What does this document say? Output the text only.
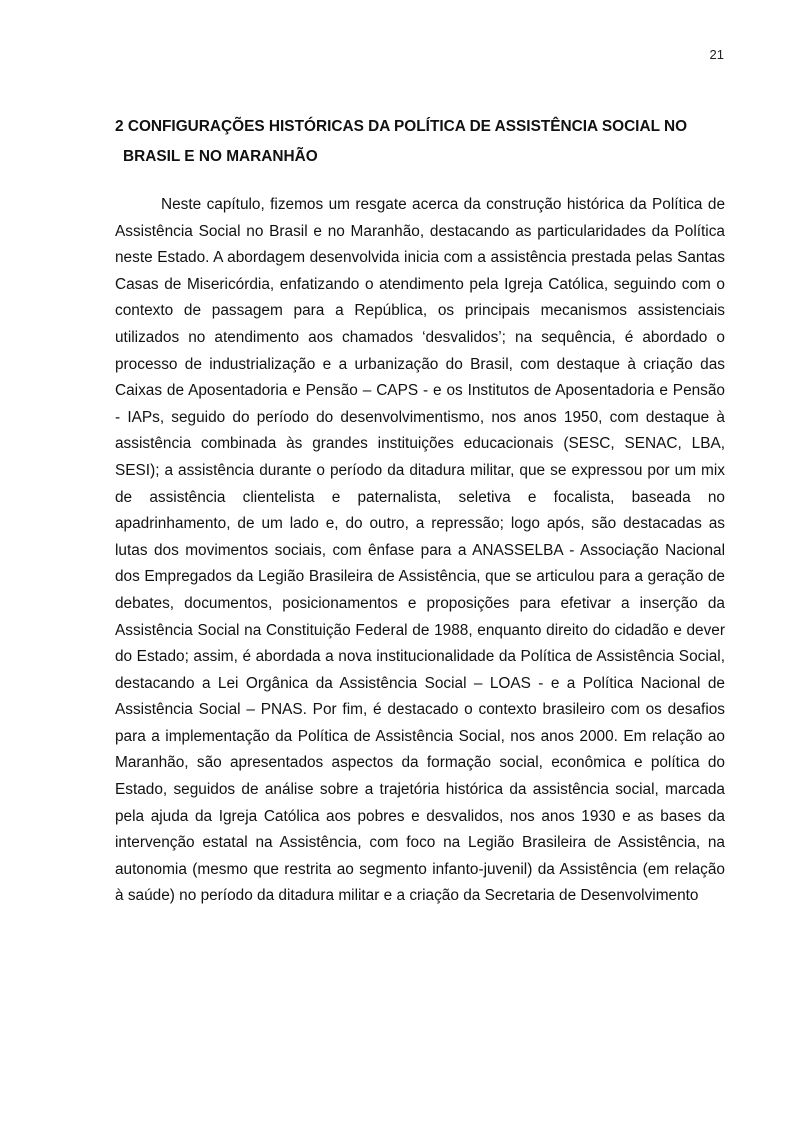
21
2 CONFIGURAÇÕES HISTÓRICAS DA POLÍTICA DE ASSISTÊNCIA SOCIAL NO BRASIL E NO MARANHÃO

Neste capítulo, fizemos um resgate acerca da construção histórica da Política de Assistência Social no Brasil e no Maranhão, destacando as particularidades da Política neste Estado. A abordagem desenvolvida inicia com a assistência prestada pelas Santas Casas de Misericórdia, enfatizando o atendimento pela Igreja Católica, seguindo com o contexto de passagem para a República, os principais mecanismos assistenciais utilizados no atendimento aos chamados ‘desvalidos’; na sequência, é abordado o processo de industrialização e a urbanização do Brasil, com destaque à criação das Caixas de Aposentadoria e Pensão – CAPS - e os Institutos de Aposentadoria e Pensão - IAPs, seguido do período do desenvolvimentismo, nos anos 1950, com destaque à assistência combinada às grandes instituições educacionais (SESC, SENAC, LBA, SESI); a assistência durante o período da ditadura militar, que se expressou por um mix de assistência clientelista e paternalista, seletiva e focalista, baseada no apadrinhamento, de um lado e, do outro, a repressão; logo após, são destacadas as lutas dos movimentos sociais, com ênfase para a ANASSELBA - Associação Nacional dos Empregados da Legião Brasileira de Assistência, que se articulou para a geração de debates, documentos, posicionamentos e proposições para efetivar a inserção da Assistência Social na Constituição Federal de 1988, enquanto direito do cidadão e dever do Estado; assim, é abordada a nova institucionalidade da Política de Assistência Social, destacando a Lei Orgânica da Assistência Social – LOAS - e a Política Nacional de Assistência Social – PNAS. Por fim, é destacado o contexto brasileiro com os desafios para a implementação da Política de Assistência Social, nos anos 2000. Em relação ao Maranhão, são apresentados aspectos da formação social, econômica e política do Estado, seguidos de análise sobre a trajetória histórica da assistência social, marcada pela ajuda da Igreja Católica aos pobres e desvalidos, nos anos 1930 e as bases da intervenção estatal na Assistência, com foco na Legião Brasileira de Assistência, na autonomia (mesmo que restrita ao segmento infanto-juvenil) da Assistência (em relação à saúde) no período da ditadura militar e a criação da Secretaria de Desenvolvimento
